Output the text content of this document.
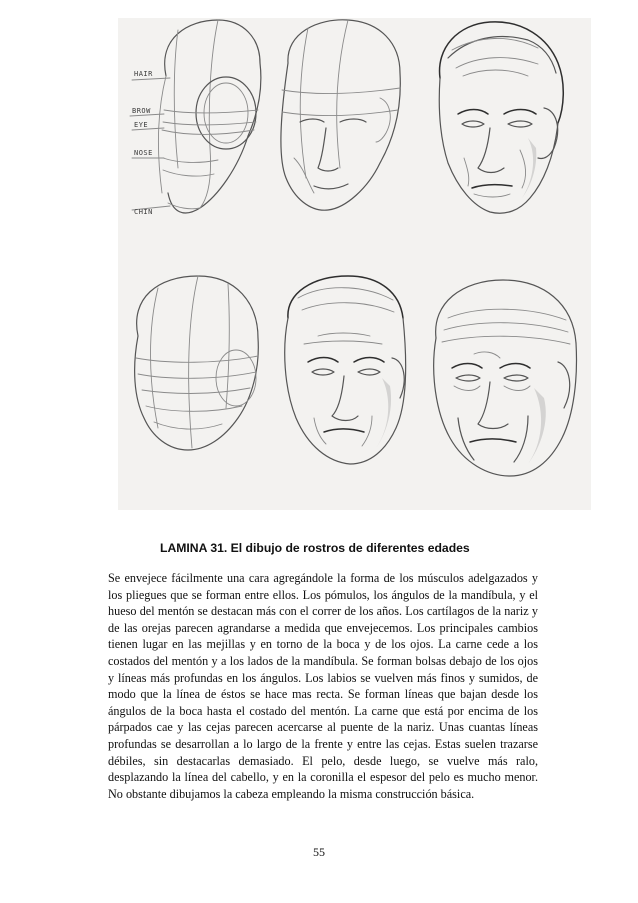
HAIR
BROW
EYE
NOSE
CHIN

LAMINA 31. El dibujo de rostros de diferentes edades

Se envejece fácilmente una cara agregándole la forma de los músculos adelgazados y los pliegues que se forman entre ellos. Los pómulos, los ángulos de la mandíbula, y el hueso del mentón se destacan más con el correr de los años. Los cartílagos de la nariz y de las orejas parecen agrandarse a medida que envejecemos. Los principales cambios tienen lugar en las mejillas y en torno de la boca y de los ojos. La carne cede a los costados del mentón y a los lados de la mandíbula. Se forman bolsas debajo de los ojos y líneas más profundas en los ángulos. Los labios se vuelven más finos y sumidos, de modo que la línea de éstos se hace mas recta. Se forman líneas que bajan desde los ángulos de la boca hasta el costado del mentón. La carne que está por encima de los párpados cae y las cejas parecen acercarse al puente de la nariz. Unas cuantas líneas profundas se desarrollan a lo largo de la frente y entre las cejas. Estas suelen trazarse débiles, sin destacarlas demasiado. El pelo, desde luego, se vuelve más ralo, desplazando la línea del cabello, y en la coronilla el espesor del pelo es mucho menor. No obstante dibujamos la cabeza empleando la misma construcción básica.

55
